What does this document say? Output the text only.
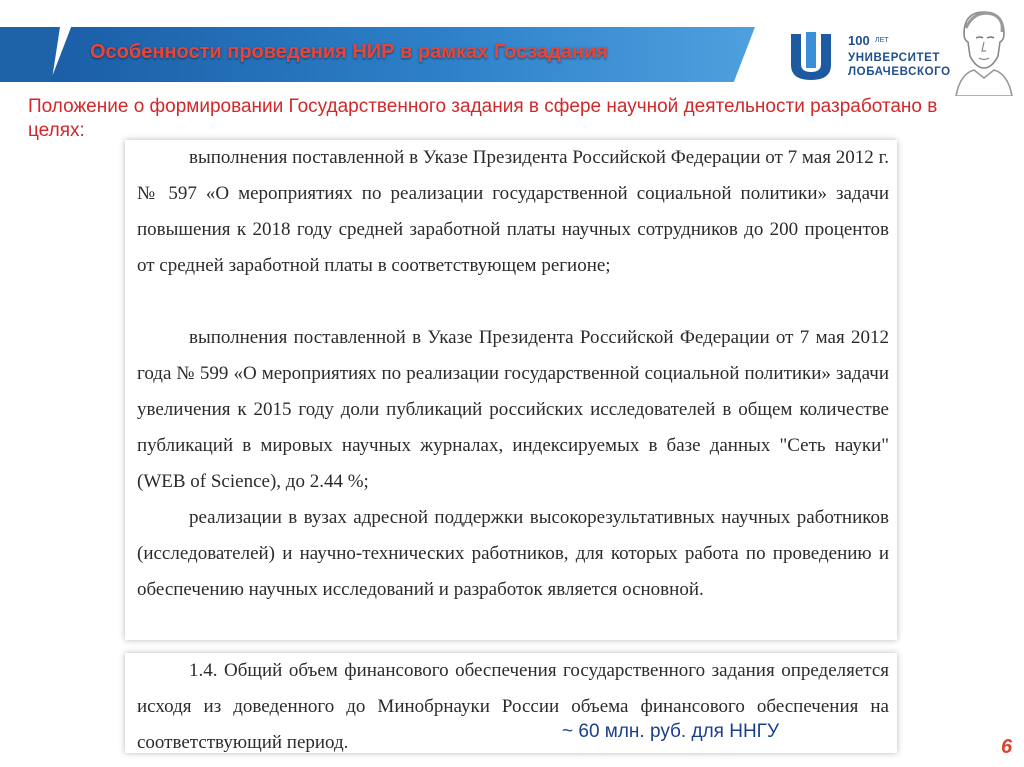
Особенности проведения НИР в рамках Госзадания
100 ЛЕТ
УНИВЕРСИТЕТ
ЛОБАЧЕВСКОГО
Положение о формировании Государственного задания в сфере научной деятельности разработано в целях:
выполнения поставленной в Указе Президента Российской Федерации от 7 мая 2012 г. № 597 «О мероприятиях по реализации государственной социальной политики» задачи повышения к 2018 году средней заработной платы научных сотрудников до 200 процентов от средней заработной платы в соответствующем регионе;
выполнения поставленной в Указе Президента Российской Федерации от 7 мая 2012 года № 599 «О мероприятиях по реализации государственной социальной политики» задачи увеличения к 2015 году доли публикаций российских исследователей в общем количестве публикаций в мировых научных журналах, индексируемых в базе данных "Сеть науки" (WEB of Science), до 2.44 %;
реализации в вузах адресной поддержки высокорезультативных научных работников (исследователей) и научно-технических работников, для которых работа по проведению и обеспечению научных исследований и разработок является основной.
1.4. Общий объем финансового обеспечения государственного задания определяется исходя из доведенного до Минобрнауки России объема финансового обеспечения на соответствующий период.
~ 60 млн. руб. для ННГУ
6
